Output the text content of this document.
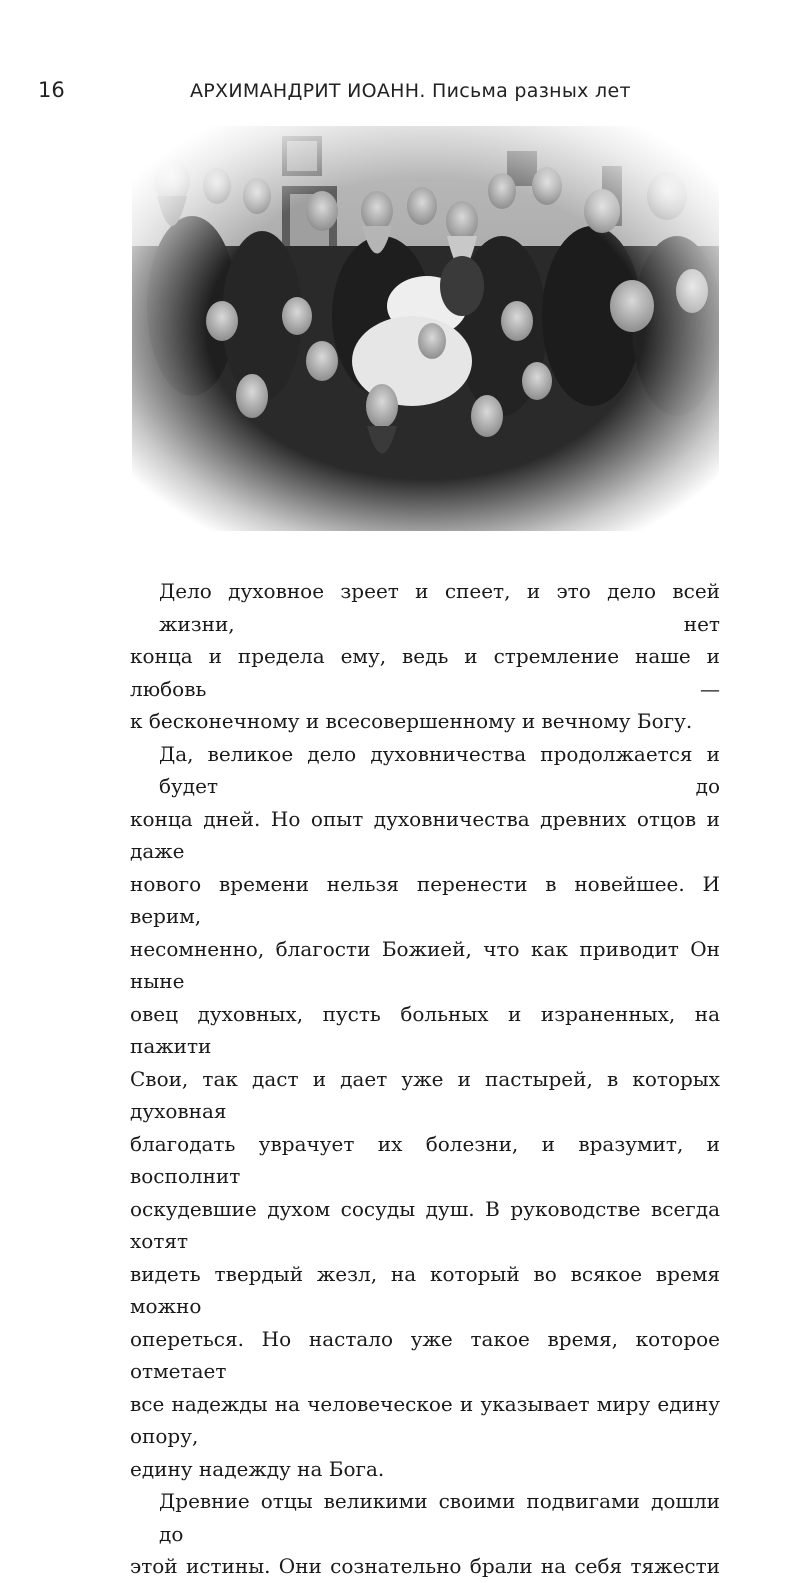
16	АРХИМАНДРИТ ИОАНН. Письма разных лет
Дело духовное зреет и спеет, и это дело всей жизни, нет
конца и предела ему, ведь и стремление наше и любовь —
к бесконечному и всесовершенному и вечному Богу.
Да, великое дело духовничества продолжается и будет до
конца дней. Но опыт духовничества древних отцов и даже
нового времени нельзя перенести в новейшее. И верим,
несомненно, благости Божией, что как приводит Он ныне
овец духовных, пусть больных и израненных, на пажити
Свои, так даст и дает уже и пастырей, в которых духовная
благодать уврачует их болезни, и вразумит, и восполнит
оскудевшие духом сосуды душ. В руководстве всегда хотят
видеть твердый жезл, на который во всякое время можно
опереться. Но настало уже такое время, которое отметает
все надежды на человеческое и указывает миру едину опору,
едину надежду на Бога.
Древние отцы великими своими подвигами дошли до
этой истины. Они сознательно брали на себя тяжести
